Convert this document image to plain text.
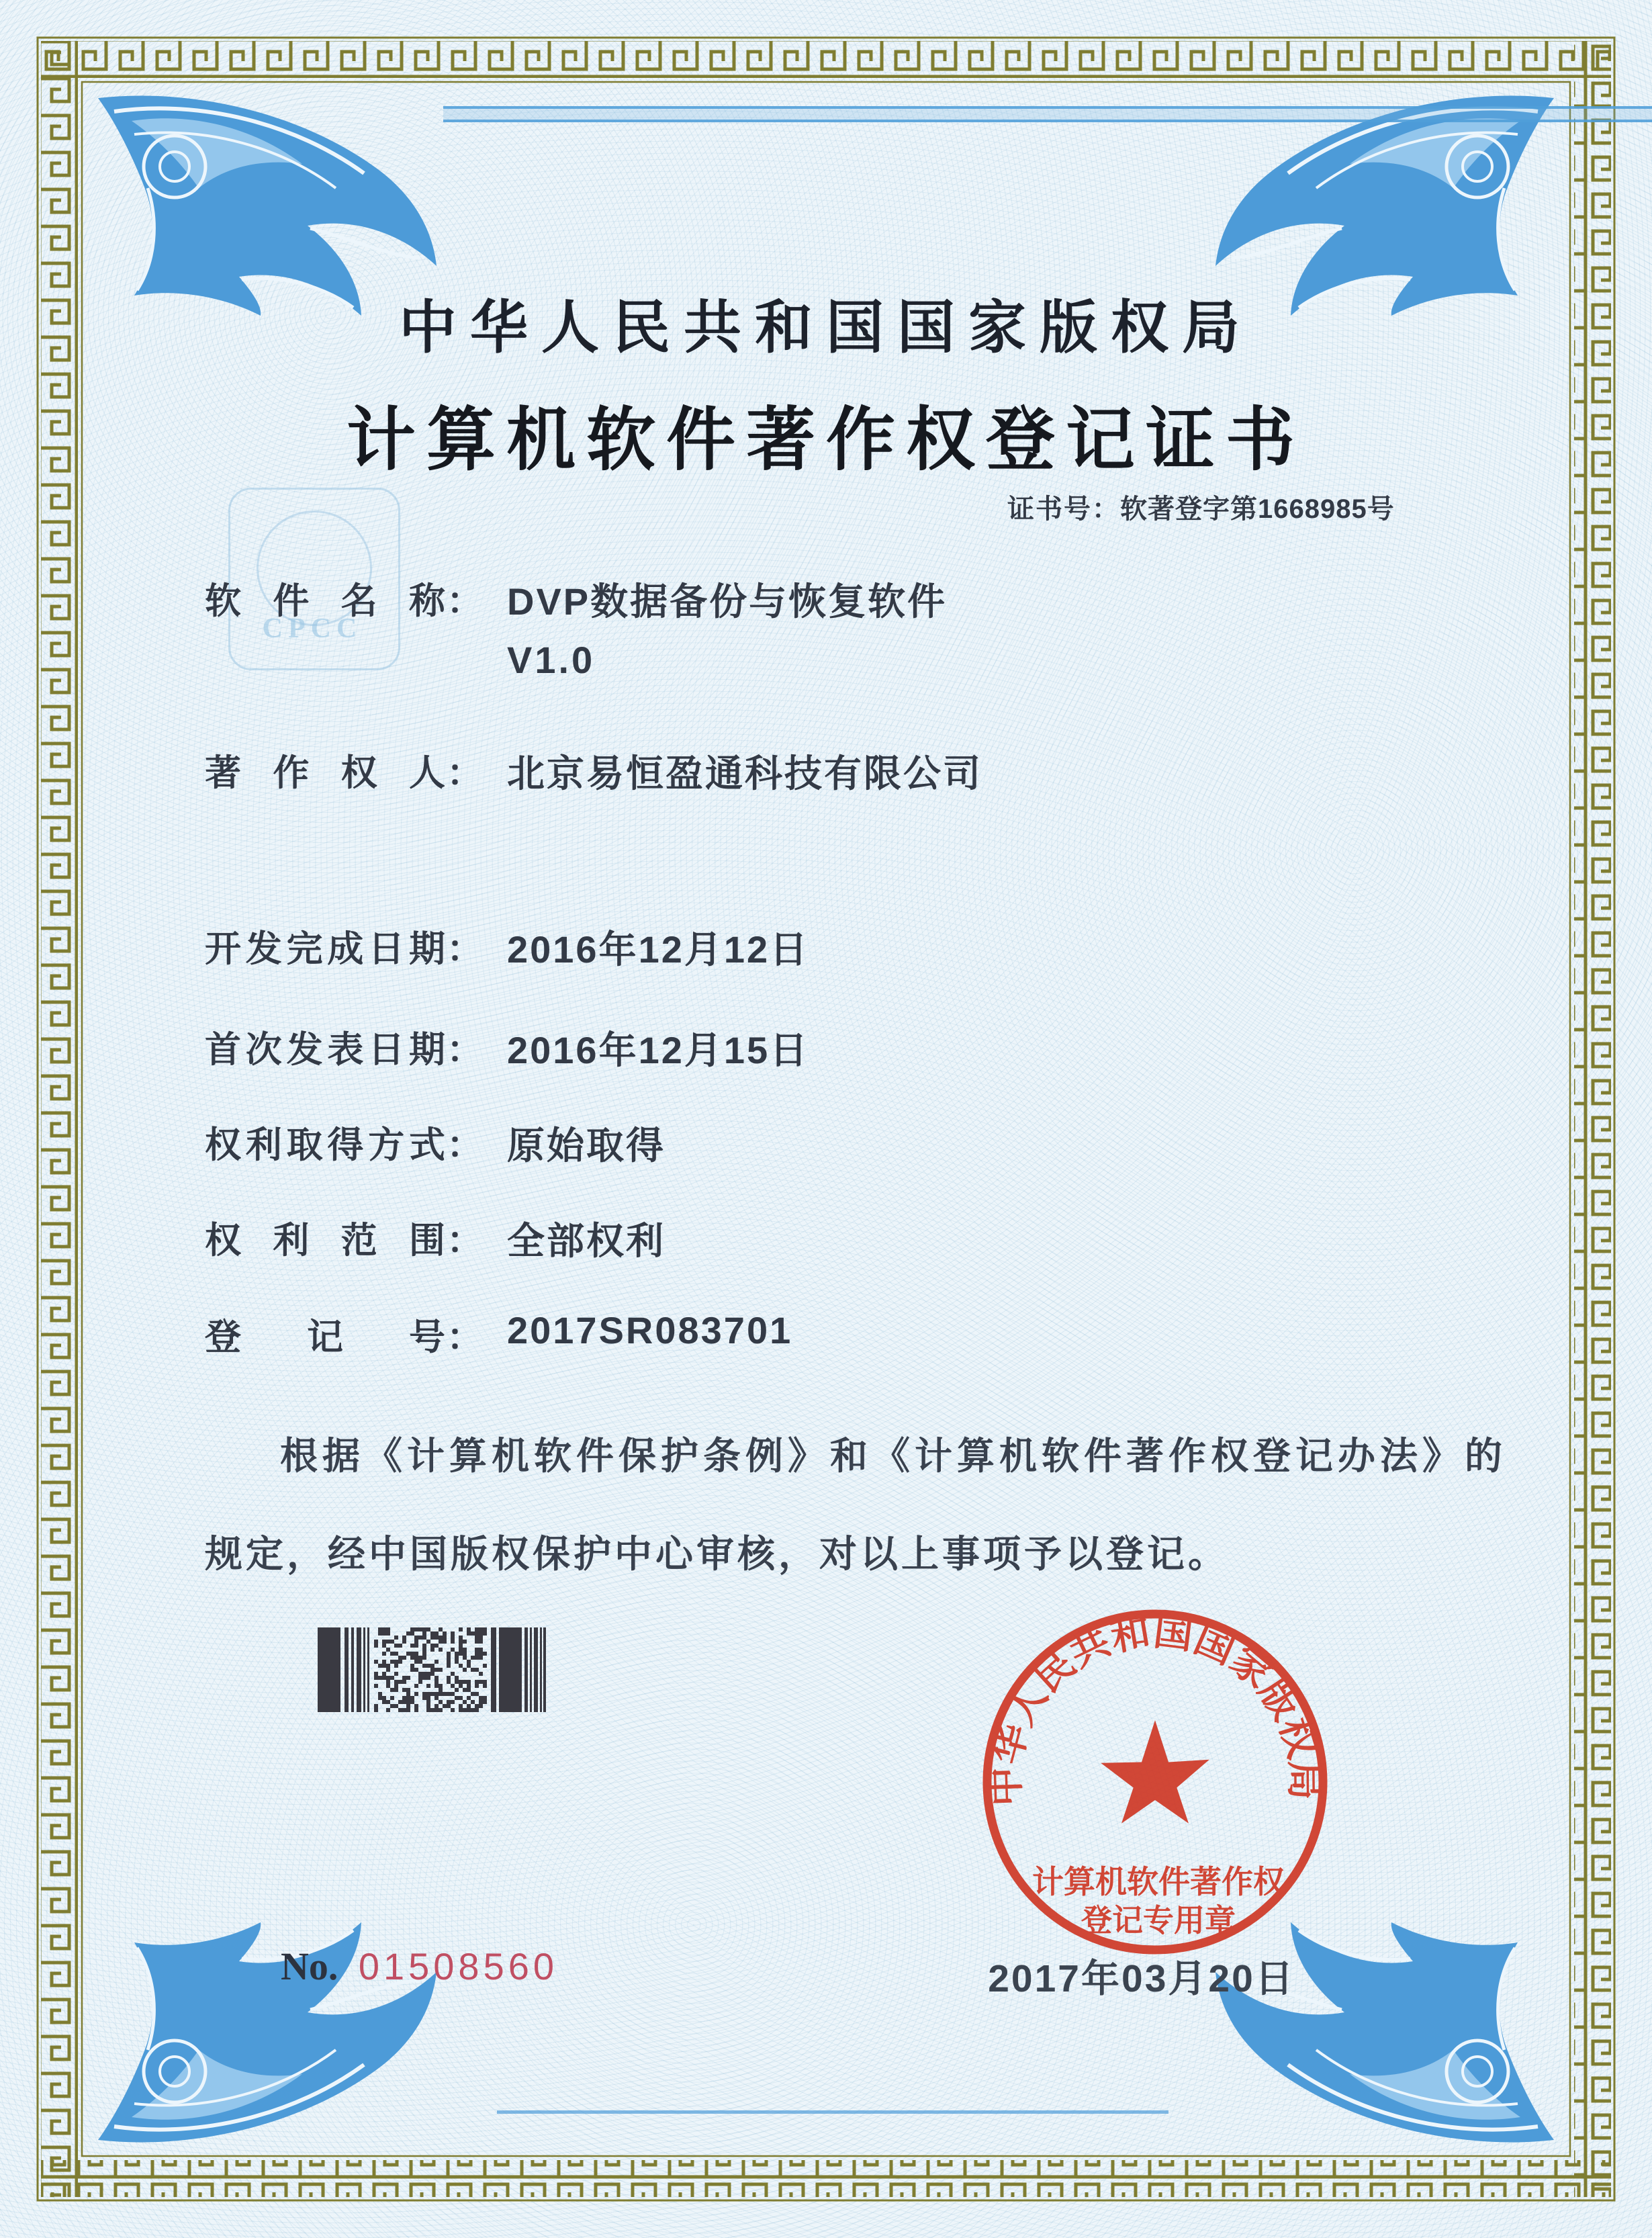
CPCC
中华人民共和国国家版权局
计算机软件著作权登记证书
证书号：软著登字第1668985号
软件名称 ： DVP数据备份与恢复软件
V1.0
著作权人 ： 北京易恒盈通科技有限公司
开发完成日期 ： 2016年12月12日
首次发表日期 ： 2016年12月15日
权利取得方式 ： 原始取得
权利范围 ： 全部权利
登记号 ： 2017SR083701
根据《计算机软件保护条例》和《计算机软件著作权登记办法》的
规定，经中国版权保护中心审核，对以上事项予以登记。
中华人民共和国国家版权局
计算机软件著作权
登记专用章
2017年03月20日
No. 01508560
